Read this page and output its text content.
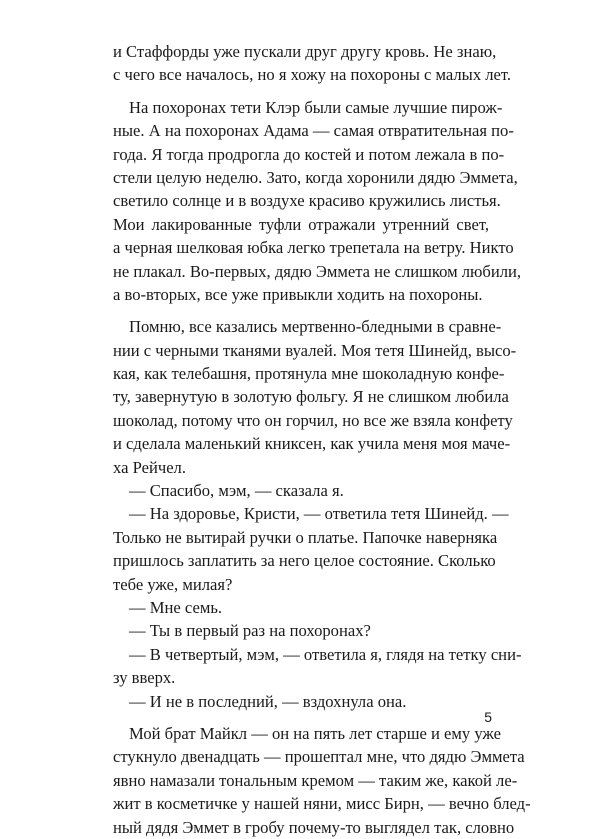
и Стаффорды уже пускали друг другу кровь. Не знаю,
с чего все началось, но я хожу на похороны с малых лет.
На похоронах тети Клэр были самые лучшие пирож-
ные. А на похоронах Адама — самая отвратительная по-
года. Я тогда продрогла до костей и потом лежала в по-
стели целую неделю. Зато, когда хоронили дядю Эммета,
светило солнце и в воздухе красиво кружились листья.
Мои лакированные туфли отражали утренний свет,
а черная шелковая юбка легко трепетала на ветру. Никто
не плакал. Во-первых, дядю Эммета не слишком любили,
а во-вторых, все уже привыкли ходить на похороны.
Помню, все казались мертвенно-бледными в сравне-
нии с черными тканями вуалей. Моя тетя Шинейд, высо-
кая, как телебашня, протянула мне шоколадную конфе-
ту, завернутую в золотую фольгу. Я не слишком любила
шоколад, потому что он горчил, но все же взяла конфету
и сделала маленький книксен, как учила меня моя маче-
ха Рейчел.
— Спасибо, мэм, — сказала я.
— На здоровье, Кристи, — ответила тетя Шинейд. —
Только не вытирай ручки о платье. Папочке наверняка
пришлось заплатить за него целое состояние. Сколько
тебе уже, милая?
— Мне семь.
— Ты в первый раз на похоронах?
— В четвертый, мэм, — ответила я, глядя на тетку сни-
зу вверх.
— И не в последний, — вздохнула она.
Мой брат Майкл — он на пять лет старше и ему уже
стукнуло двенадцать — прошептал мне, что дядю Эммета
явно намазали тональным кремом — таким же, какой ле-
жит в косметичке у нашей няни, мисс Бирн, — вечно блед-
ный дядя Эммет в гробу почему-то выглядел так, словно
5
